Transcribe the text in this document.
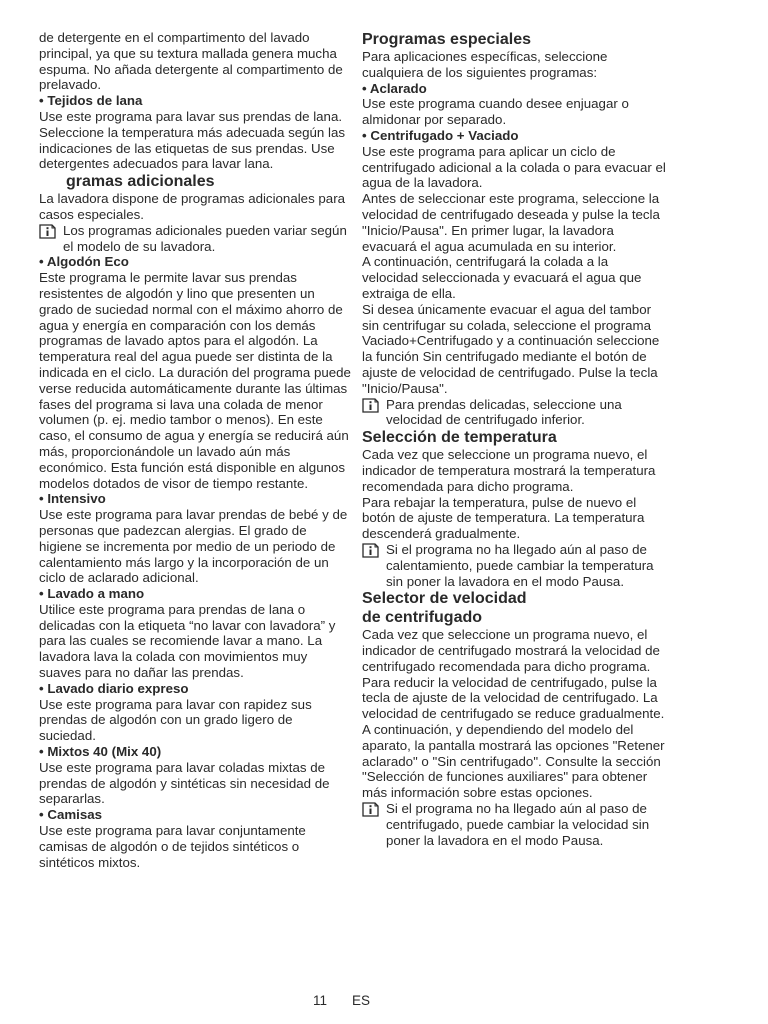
de detergente en el compartimento del lavado principal, ya que su textura mallada genera mucha espuma. No añada detergente al compartimento de prelavado.

• Tejidos de lana

Use este programa para lavar sus prendas de lana. Seleccione la temperatura más adecuada según las indicaciones de las etiquetas de sus prendas. Use detergentes adecuados para lavar lana.

gramas adicionales

La lavadora dispone de programas adicionales para casos especiales.

Los programas adicionales pueden variar según el modelo de su lavadora.

• Algodón Eco

Este programa le permite lavar sus prendas resistentes de algodón y lino que presenten un grado de suciedad normal con el máximo ahorro de agua y energía en comparación con los demás programas de lavado aptos para el algodón. La temperatura real del agua puede ser distinta de la indicada en el ciclo. La duración del programa puede verse reducida automáticamente durante las últimas fases del programa si lava una colada de menor volumen (p. ej. medio tambor o menos). En este caso, el consumo de agua y energía se reducirá aún más, proporcionándole un lavado aún más económico. Esta función está disponible en algunos modelos dotados de visor de tiempo restante.

• Intensivo

Use este programa para lavar prendas de bebé y de personas que padezcan alergias. El grado de higiene se incrementa por medio de un periodo de calentamiento más largo y la incorporación de un ciclo de aclarado adicional.

• Lavado a mano

Utilice este programa para prendas de lana o delicadas con la etiqueta “no lavar con lavadora” y para las cuales se recomiende lavar a mano. La lavadora lava la colada con movimientos muy suaves para no dañar las prendas.

• Lavado diario expreso

Use este programa para lavar con rapidez sus prendas de algodón con un grado ligero de suciedad.

• Mixtos 40 (Mix 40)

Use este programa para lavar coladas mixtas de prendas de algodón y sintéticas sin necesidad de separarlas.

• Camisas

Use este programa para lavar conjuntamente camisas de algodón o de tejidos sintéticos o sintéticos mixtos.

Programas especiales

Para aplicaciones específicas, seleccione cualquiera de los siguientes programas:

• Aclarado

Use este programa cuando desee enjuagar o almidonar por separado.

• Centrifugado + Vaciado

Use este programa para aplicar un ciclo de centrifugado adicional a la colada o para evacuar el agua de la lavadora.

Antes de seleccionar este programa, seleccione la velocidad de centrifugado deseada y pulse la tecla "Inicio/Pausa". En primer lugar, la lavadora evacuará el agua acumulada en su interior.

A continuación, centrifugará la colada a la velocidad seleccionada y evacuará el agua que extraiga de ella.

Si desea únicamente evacuar el agua del tambor sin centrifugar su colada, seleccione el programa Vaciado+Centrifugado y a continuación seleccione la función Sin centrifugado mediante el botón de ajuste de velocidad de centrifugado. Pulse la tecla "Inicio/Pausa".

Para prendas delicadas, seleccione una velocidad de centrifugado inferior.

Selección de temperatura

Cada vez que seleccione un programa nuevo, el indicador de temperatura mostrará la temperatura recomendada para dicho programa.

Para rebajar la temperatura, pulse de nuevo el botón de ajuste de temperatura. La temperatura descenderá gradualmente.

Si el programa no ha llegado aún al paso de calentamiento, puede cambiar la temperatura sin poner la lavadora en el modo Pausa.

Selector de velocidad

de centrifugado

Cada vez que seleccione un programa nuevo, el indicador de centrifugado mostrará la velocidad de centrifugado recomendada para dicho programa.

Para reducir la velocidad de centrifugado, pulse la tecla de ajuste de la velocidad de centrifugado. La velocidad de centrifugado se reduce gradualmente. A continuación, y dependiendo del modelo del aparato, la pantalla mostrará las opciones "Retener aclarado" o "Sin centrifugado". Consulte la sección "Selección de funciones auxiliares" para obtener más información sobre estas opciones.

Si el programa no ha llegado aún al paso de centrifugado, puede cambiar la velocidad sin poner la lavadora en el modo Pausa.
11 ES
